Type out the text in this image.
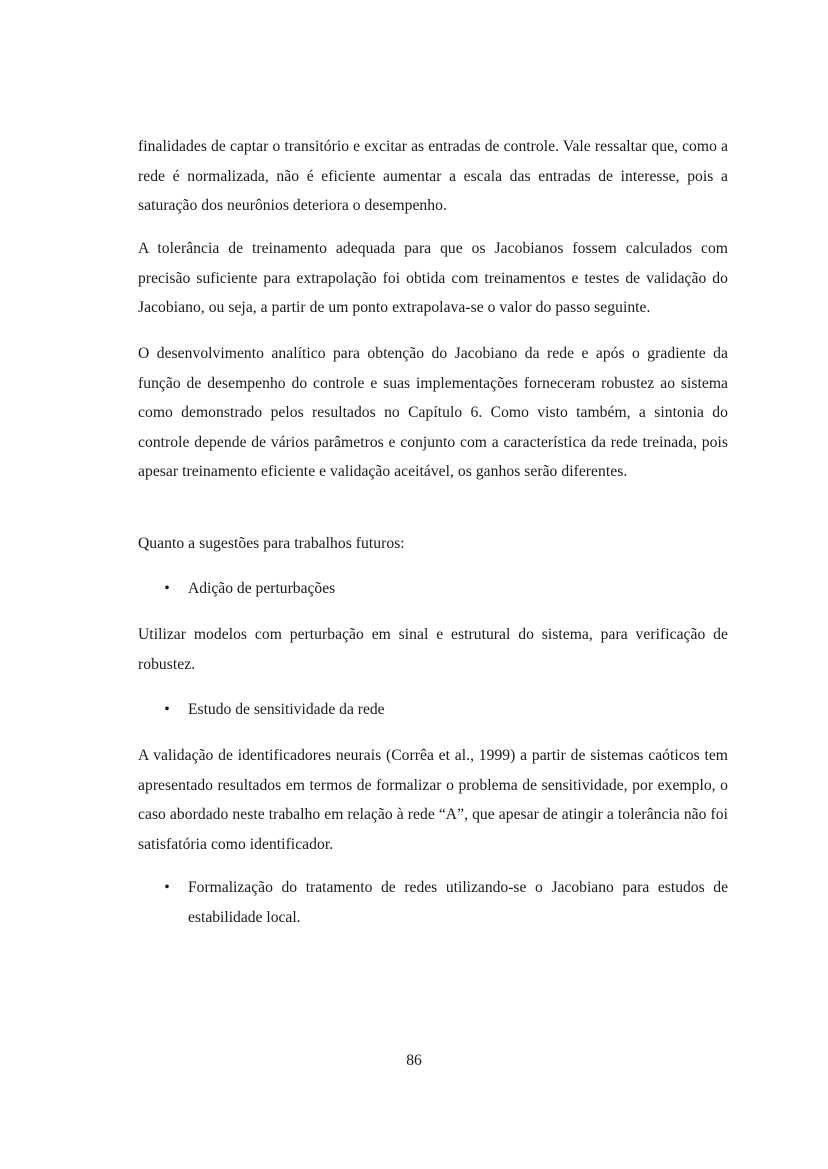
finalidades de captar o transitório e excitar as entradas de controle. Vale ressaltar que, como a rede é normalizada, não é eficiente aumentar a escala das entradas de interesse, pois a saturação dos neurônios deteriora o desempenho.

A tolerância de treinamento adequada para que os Jacobianos fossem calculados com precisão suficiente para extrapolação foi obtida com treinamentos e testes de validação do Jacobiano, ou seja, a partir de um ponto extrapolava-se o valor do passo seguinte.

O desenvolvimento analítico para obtenção do Jacobiano da rede e após o gradiente da função de desempenho do controle e suas implementações forneceram robustez ao sistema como demonstrado pelos resultados no Capítulo 6. Como visto também, a sintonia do controle depende de vários parâmetros e conjunto com a característica da rede treinada, pois apesar treinamento eficiente e validação aceitável, os ganhos serão diferentes.

Quanto a sugestões para trabalhos futuros:

• Adição de perturbações

Utilizar modelos com perturbação em sinal e estrutural do sistema, para verificação de robustez.

• Estudo de sensitividade da rede

A validação de identificadores neurais (Corrêa et al., 1999) a partir de sistemas caóticos tem apresentado resultados em termos de formalizar o problema de sensitividade, por exemplo, o caso abordado neste trabalho em relação à rede “A”, que apesar de atingir a tolerância não foi satisfatória como identificador.

• Formalização do tratamento de redes utilizando-se o Jacobiano para estudos de estabilidade local.
86
